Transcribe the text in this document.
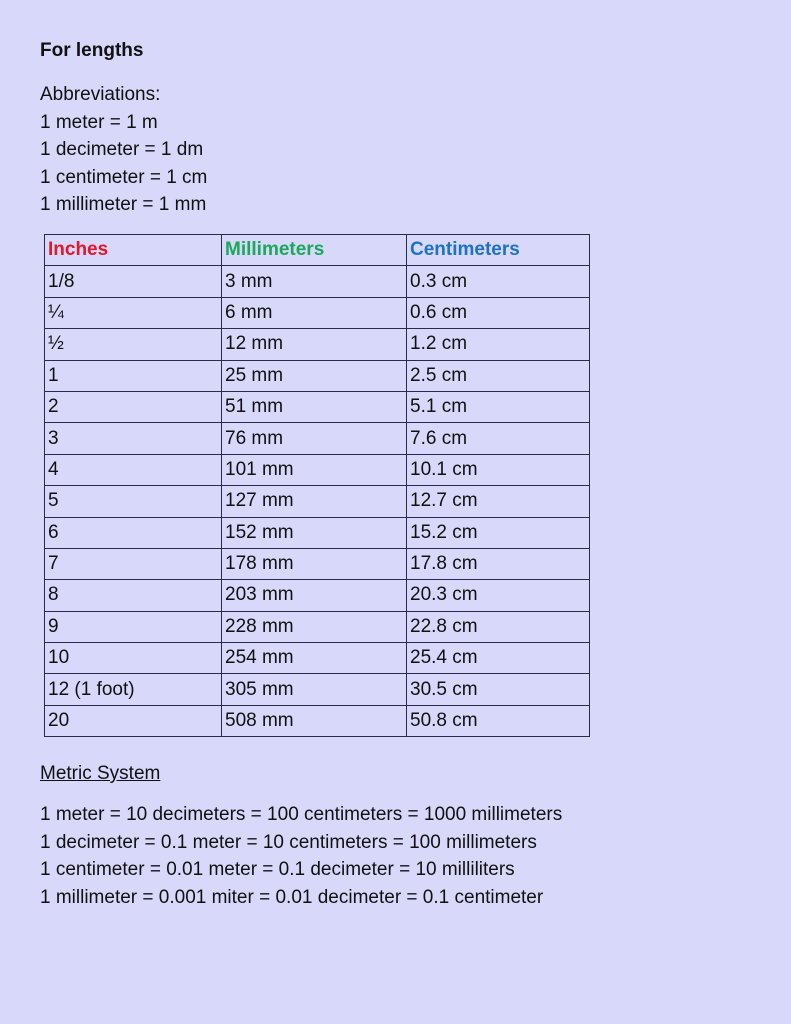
For lengths
Abbreviations:
1 meter = 1 m
1 decimeter = 1 dm
1 centimeter = 1 cm
1 millimeter = 1 mm
Inches	Millimeters	Centimeters
1/8	3 mm	0.3 cm
¼	6 mm	0.6 cm
½	12 mm	1.2 cm
1	25 mm	2.5 cm
2	51 mm	5.1 cm
3	76 mm	7.6 cm
4	101 mm	10.1 cm
5	127 mm	12.7 cm
6	152 mm	15.2 cm
7	178 mm	17.8 cm
8	203 mm	20.3 cm
9	228 mm	22.8 cm
10	254 mm	25.4 cm
12 (1 foot)	305 mm	30.5 cm
20	508 mm	50.8 cm
Metric System
1 meter = 10 decimeters = 100 centimeters = 1000 millimeters
1 decimeter = 0.1 meter = 10 centimeters = 100 millimeters
1 centimeter = 0.01 meter = 0.1 decimeter = 10 milliliters
1 millimeter = 0.001 miter = 0.01 decimeter = 0.1 centimeter
